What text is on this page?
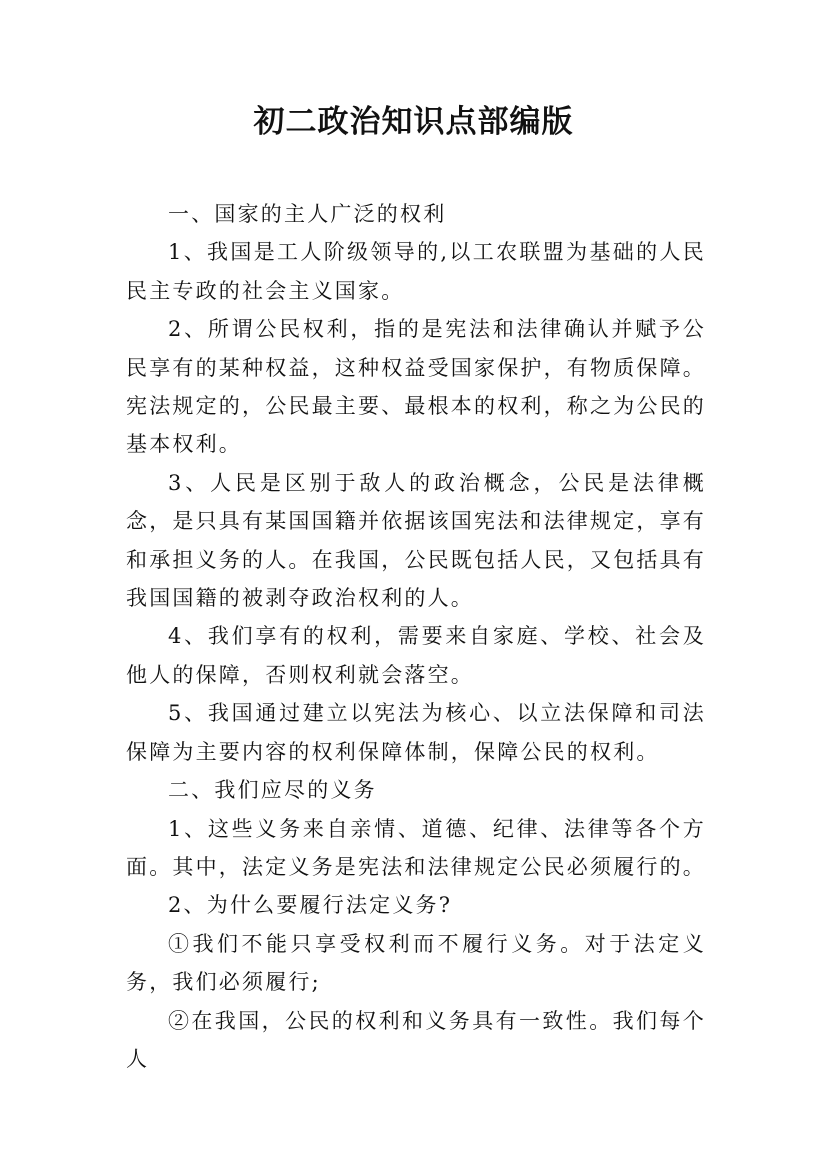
初二政治知识点部编版

一、国家的主人广泛的权利

1、我国是工人阶级领导的,以工农联盟为基础的人民民主专政的社会主义国家。

2、所谓公民权利，指的是宪法和法律确认并赋予公民享有的某种权益，这种权益受国家保护，有物质保障。宪法规定的，公民最主要、最根本的权利，称之为公民的基本权利。

3、人民是区别于敌人的政治概念，公民是法律概念，是只具有某国国籍并依据该国宪法和法律规定，享有和承担义务的人。在我国，公民既包括人民，又包括具有我国国籍的被剥夺政治权利的人。

4、我们享有的权利，需要来自家庭、学校、社会及他人的保障，否则权利就会落空。

5、我国通过建立以宪法为核心、以立法保障和司法保障为主要内容的权利保障体制，保障公民的权利。

二、我们应尽的义务

1、这些义务来自亲情、道德、纪律、法律等各个方面。其中，法定义务是宪法和法律规定公民必须履行的。

2、为什么要履行法定义务?

①我们不能只享受权利而不履行义务。对于法定义务，我们必须履行;

②在我国，公民的权利和义务具有一致性。我们每个人
